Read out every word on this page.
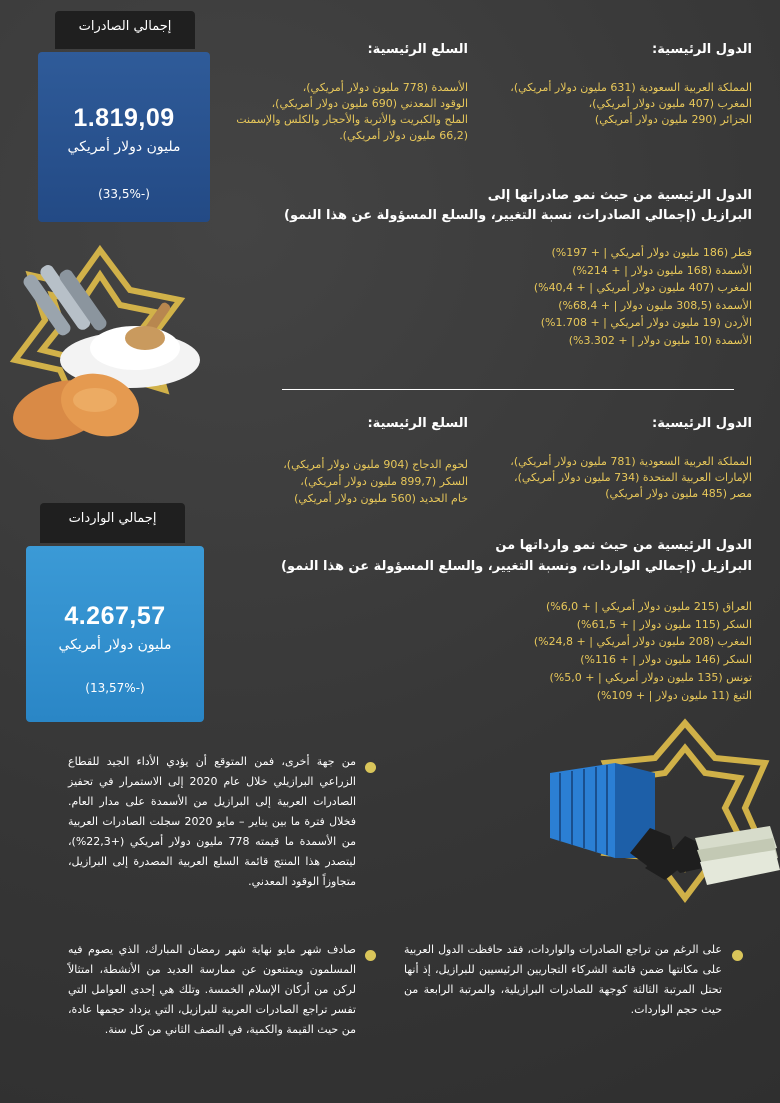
إجمالي الصادرات
1.819,09
مليون دولار أمريكي
(-33,5%)
الدول الرئيسية:
المملكة العربية السعودية (631 مليون دولار أمريكي)،
المغرب (407 مليون دولار أمريكي)،
الجزائر (290 مليون دولار أمريكي)
السلع الرئيسية:
الأسمدة (778 مليون دولار أمريكي)،
الوقود المعدني (690 مليون دولار أمريكي)،
الملح والكبريت والأتربة والأحجار والكلس والإسمنت
(66,2 مليون دولار أمريكي).
الدول الرئيسية من حيث نمو صادراتها إلى
البرازيل (إجمالي الصادرات، نسبة التغيير، والسلع المسؤولة عن هذا النمو)
قطر (186 مليون دولار أمريكي | + 197%)
الأسمدة (168 مليون دولار | + 214%)
المغرب (407 مليون دولار أمريكي | + 40,4%)
الأسمدة (308,5 مليون دولار | + 68,4%)
الأردن (19 مليون دولار أمريكي | + 1.708%)
الأسمدة (10 مليون دولار | + 3.302%)
الدول الرئيسية:
المملكة العربية السعودية (781 مليون دولار أمريكي)،
الإمارات العربية المتحدة (734 مليون دولار أمريكي)،
مصر (485 مليون دولار أمريكي)
السلع الرئيسية:
لحوم الدجاج (904 مليون دولار أمريكي)،
السكر (899,7 مليون دولار أمريكي)،
خام الحديد (560 مليون دولار أمريكي)
إجمالي الواردات
4.267,57
مليون دولار أمريكي
(-13,57%)
الدول الرئيسية من حيث نمو وارداتها من
البرازيل (إجمالي الواردات، ونسبة التغيير، والسلع المسؤولة عن هذا النمو)
العراق (215 مليون دولار أمريكي | + 6,0%)
السكر (115 مليون دولار | + 61,5%)
المغرب (208 مليون دولار أمريكي | + 24,8%)
السكر (146 مليون دولار | + 116%)
تونس (135 مليون دولار أمريكي | + 5,0%)
التبغ (11 مليون دولار | + 109%)
من جهة أخرى، فمن المتوقع أن يؤدي الأداء الجيد للقطاع الزراعي البرازيلي خلال عام 2020 إلى الاستمرار في تحفيز الصادرات العربية إلى البرازيل من الأسمدة على مدار العام. فخلال فترة ما بين يناير – مايو 2020 سجلت الصادرات العربية من الأسمدة ما قيمته 778 مليون دولار أمريكي (+22,3%)، ليتصدر هذا المنتج قائمة السلع العربية المصدرة إلى البرازيل، متجاوزاً الوقود المعدني.
صادف شهر مايو نهاية شهر رمضان المبارك، الذي يصوم فيه المسلمون ويمتنعون عن ممارسة العديد من الأنشطة، امتثالاً لركن من أركان الإسلام الخمسة. وتلك هي إحدى العوامل التي تفسر تراجع الصادرات العربية للبرازيل، التي يزداد حجمها عادة، من حيث القيمة والكمية، في النصف الثاني من كل سنة.
على الرغم من تراجع الصادرات والواردات، فقد حافظت الدول العربية على مكانتها ضمن قائمة الشركاء التجاريين الرئيسيين للبرازيل، إذ أنها تحتل المرتبة الثالثة كوجهة للصادرات البرازيلية، والمرتبة الرابعة من حيث حجم الواردات.
